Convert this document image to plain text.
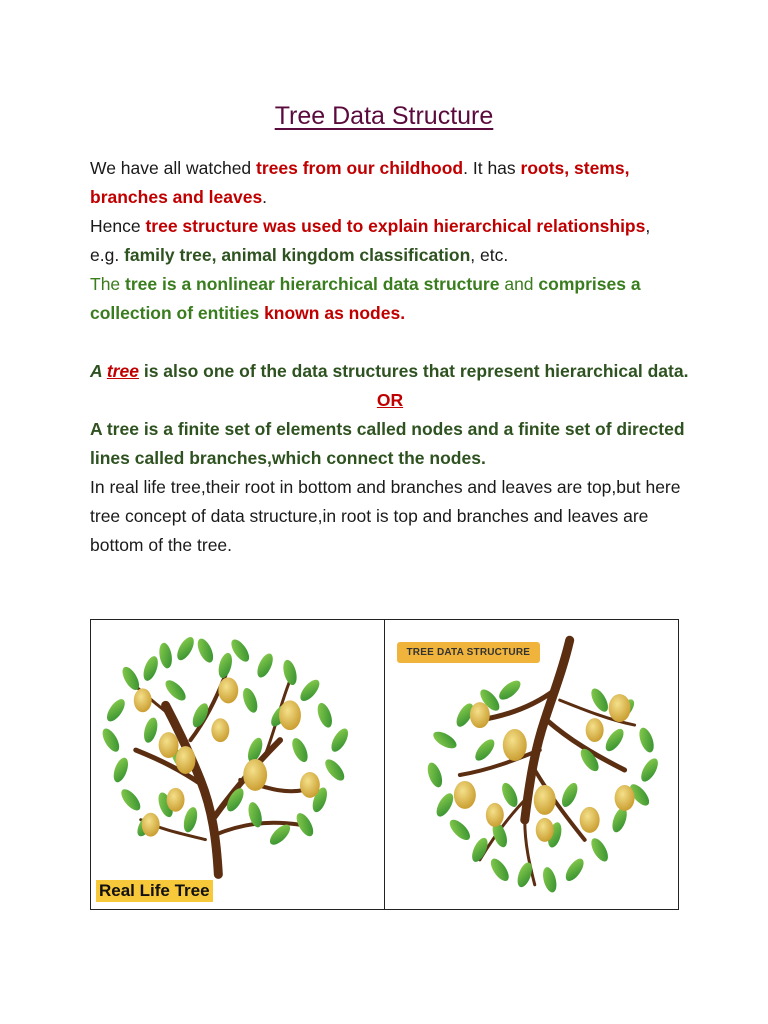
Tree Data Structure

We have all watched trees from our childhood. It has roots, stems, branches and leaves.

Hence tree structure was used to explain hierarchical relationships,

e.g. family tree, animal kingdom classification, etc.

The tree is a nonlinear hierarchical data structure and comprises a collection of entities known as nodes.

A tree is also one of the data structures that represent hierarchical data.

OR

A tree is a finite set of elements called nodes and a finite set of directed lines called branches,which connect the nodes.

In real life tree,their root in bottom and branches and leaves are top,but here tree concept of data structure,in root is top and branches and leaves are bottom of the tree.

Real Life Tree
TREE DATA STRUCTURE
